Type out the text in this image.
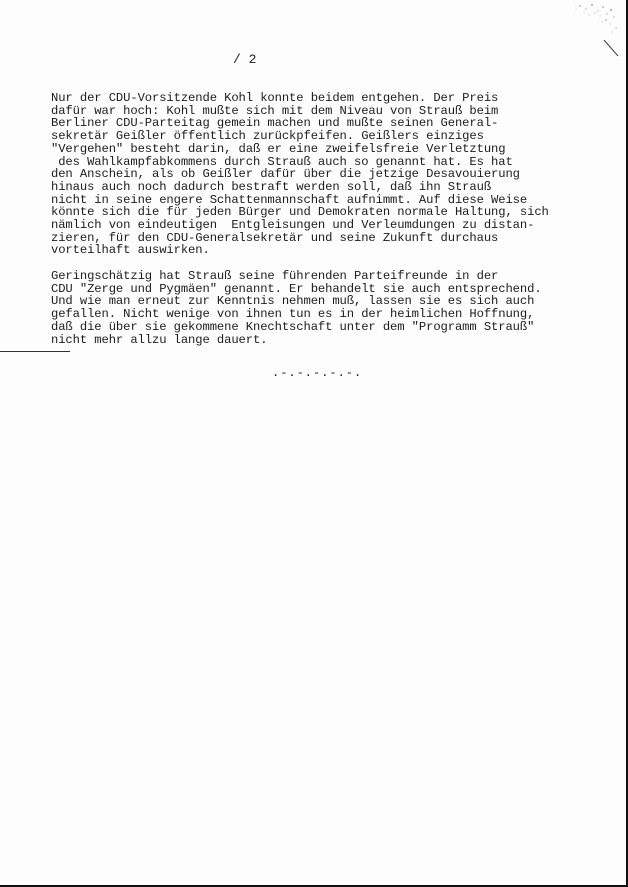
/ 2
Nur der CDU-Vorsitzende Kohl konnte beidem entgehen. Der Preis
dafür war hoch: Kohl mußte sich mit dem Niveau von Strauß beim
Berliner CDU-Parteitag gemein machen und mußte seinen General-
sekretär Geißler öffentlich zurückpfeifen. Geißlers einziges
"Vergehen" besteht darin, daß er eine zweifelsfreie Verletztung
des Wahlkampfabkommens durch Strauß auch so genannt hat. Es hat
den Anschein, als ob Geißler dafür über die jetzige Desavouierung
hinaus auch noch dadurch bestraft werden soll, daß ihn Strauß
nicht in seine engere Schattenmannschaft aufnimmt. Auf diese Weise
könnte sich die für jeden Bürger und Demokraten normale Haltung, sich
nämlich von eindeutigen  Entgleisungen und Verleumdungen zu distan-
zieren, für den CDU-Generalsekretär und seine Zukunft durchaus
vorteilhaft auswirken.
Geringschätzig hat Strauß seine führenden Parteifreunde in der
CDU "Zerge und Pygmäen" genannt. Er behandelt sie auch entsprechend.
Und wie man erneut zur Kenntnis nehmen muß, lassen sie es sich auch
gefallen. Nicht wenige von ihnen tun es in der heimlichen Hoffnung,
daß die über sie gekommene Knechtschaft unter dem "Programm Strauß"
nicht mehr allzu lange dauert.
.-.-.-.-.-.
